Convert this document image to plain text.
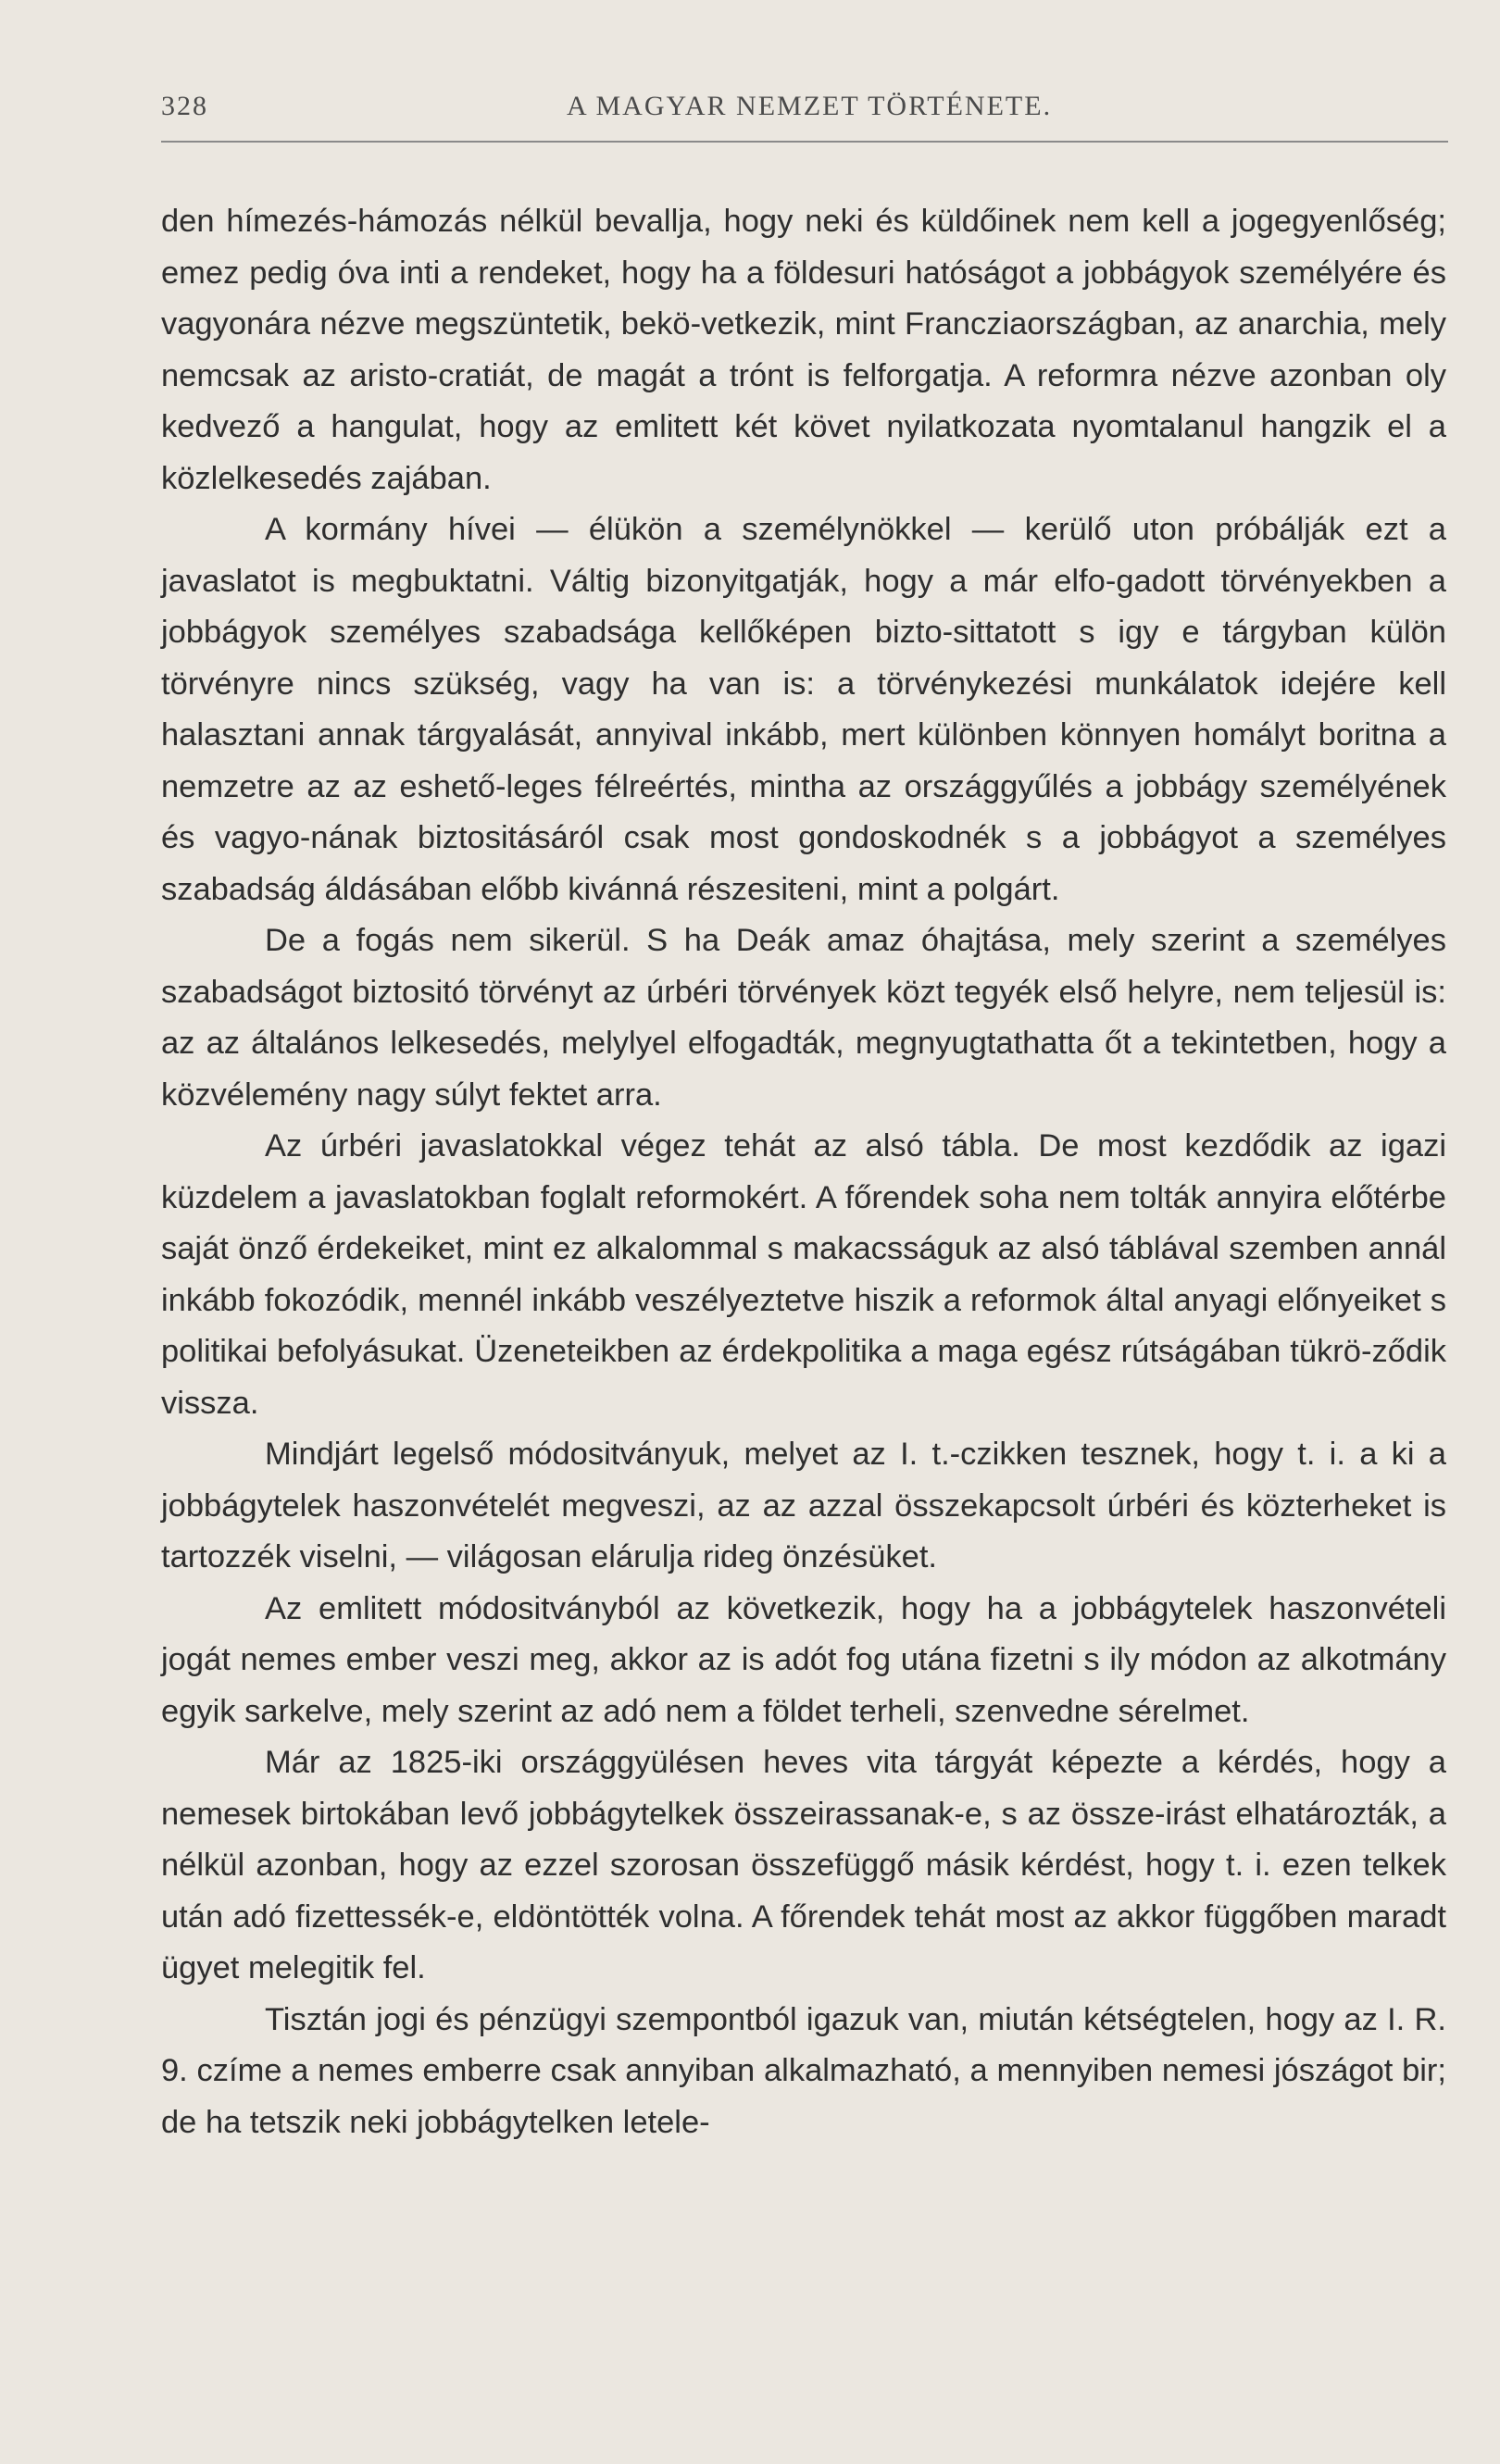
328	A MAGYAR NEMZET TÖRTÉNETE.

den hímezés-hámozás nélkül bevallja, hogy neki és küldőinek nem kell a jogegyenlőség; emez pedig óva inti a rendeket, hogy ha a földesuri hatóságot a jobbágyok személyére és vagyonára nézve megszüntetik, bekö-vetkezik, mint Francziaországban, az anarchia, mely nemcsak az aristo-cratiát, de magát a trónt is felforgatja. A reformra nézve azonban oly kedvező a hangulat, hogy az emlitett két követ nyilatkozata nyomtalanul hangzik el a közlelkesedés zajában.

A kormány hívei — élükön a személynökkel — kerülő uton próbálják ezt a javaslatot is megbuktatni. Váltig bizonyitgatják, hogy a már elfo-gadott törvényekben a jobbágyok személyes szabadsága kellőképen bizto-sittatott s igy e tárgyban külön törvényre nincs szükség, vagy ha van is: a törvénykezési munkálatok idejére kell halasztani annak tárgyalását, annyival inkább, mert különben könnyen homályt boritna a nemzetre az az eshető-leges félreértés, mintha az országgyűlés a jobbágy személyének és vagyo-nának biztositásáról csak most gondoskodnék s a jobbágyot a személyes szabadság áldásában előbb kivánná részesiteni, mint a polgárt.

De a fogás nem sikerül. S ha Deák amaz óhajtása, mely szerint a személyes szabadságot biztositó törvényt az úrbéri törvények közt tegyék első helyre, nem teljesül is: az az általános lelkesedés, melylyel elfogadták, megnyugtathatta őt a tekintetben, hogy a közvélemény nagy súlyt fektet arra.

Az úrbéri javaslatokkal végez tehát az alsó tábla. De most kezdődik az igazi küzdelem a javaslatokban foglalt reformokért. A főrendek soha nem tolták annyira előtérbe saját önző érdekeiket, mint ez alkalommal s makacsságuk az alsó táblával szemben annál inkább fokozódik, mennél inkább veszélyeztetve hiszik a reformok által anyagi előnyeiket s politikai befolyásukat. Üzeneteikben az érdekpolitika a maga egész rútságában tükrö-ződik vissza.

Mindjárt legelső módositványuk, melyet az I. t.-czikken tesznek, hogy t. i. a ki a jobbágytelek haszonvételét megveszi, az az azzal összekapcsolt úrbéri és közterheket is tartozzék viselni, — világosan elárulja rideg önzésüket.

Az emlitett módositványból az következik, hogy ha a jobbágytelek haszonvételi jogát nemes ember veszi meg, akkor az is adót fog utána fizetni s ily módon az alkotmány egyik sarkelve, mely szerint az adó nem a földet terheli, szenvedne sérelmet.

Már az 1825-iki országgyülésen heves vita tárgyát képezte a kérdés, hogy a nemesek birtokában levő jobbágytelkek összeirassanak-e, s az össze-irást elhatározták, a nélkül azonban, hogy az ezzel szorosan összefüggő másik kérdést, hogy t. i. ezen telkek után adó fizettessék-e, eldöntötték volna. A főrendek tehát most az akkor függőben maradt ügyet melegitik fel.

Tisztán jogi és pénzügyi szempontból igazuk van, miután kétségtelen, hogy az I. R. 9. czíme a nemes emberre csak annyiban alkalmazható, a mennyiben nemesi jószágot bir; de ha tetszik neki jobbágytelken letele-
